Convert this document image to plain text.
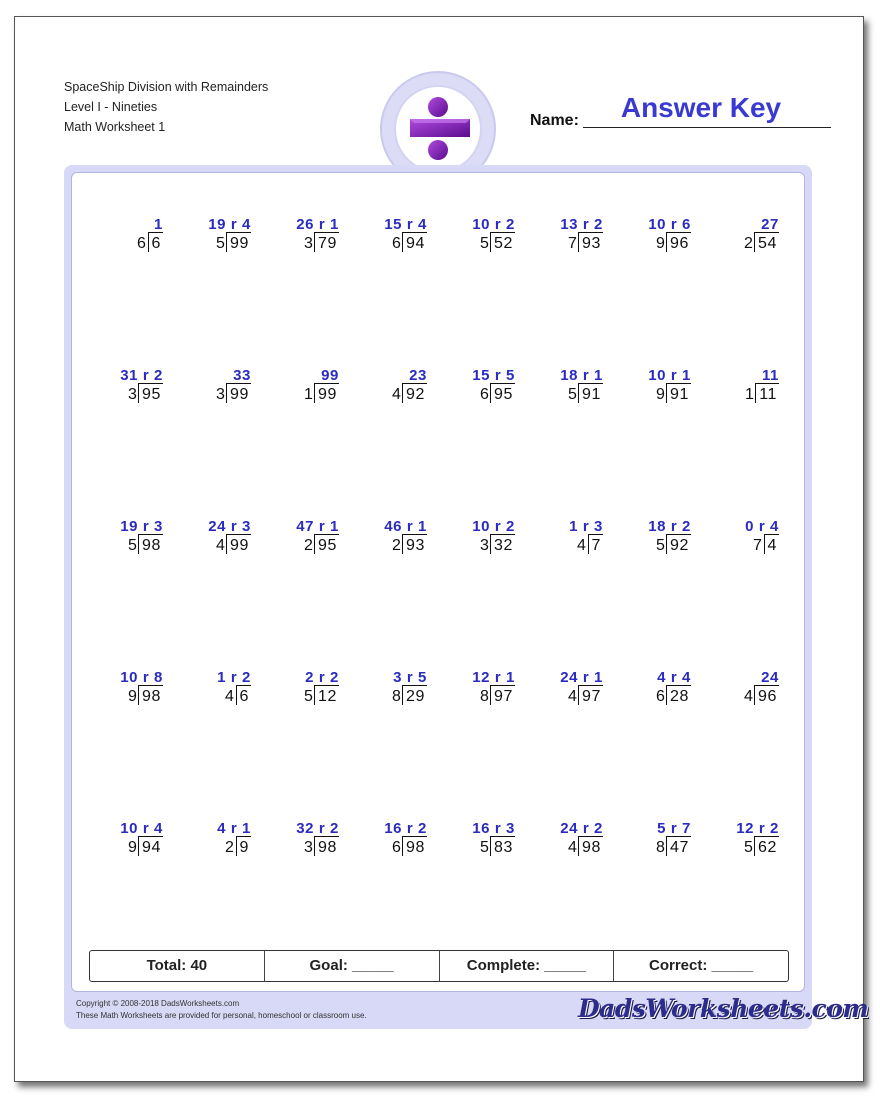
SpaceShip Division with Remainders
Level I - Nineties
Math Worksheet 1
Answer Key
Name:
1
6
6
19 r 4
99
5
26 r 1
79
3
15 r 4
94
6
10 r 2
52
5
13 r 2
93
7
10 r 6
96
9
27
54
2
31 r 2
95
3
33
99
3
99
99
1
23
92
4
15 r 5
95
6
18 r 1
91
5
10 r 1
91
9
11
11
1
19 r 3
98
5
24 r 3
99
4
47 r 1
95
2
46 r 1
93
2
10 r 2
32
3
1 r 3
7
4
18 r 2
92
5
0 r 4
4
7
10 r 8
98
9
1 r 2
6
4
2 r 2
12
5
3 r 5
29
8
12 r 1
97
8
24 r 1
97
4
4 r 4
28
6
24
96
4
10 r 4
94
9
4 r 1
9
2
32 r 2
98
3
16 r 2
98
6
16 r 3
83
5
24 r 2
98
4
5 r 7
47
8
12 r 2
62
5
Total: 40	Goal: _____	Complete: _____	Correct: _____
Copyright © 2008-2018 DadsWorksheets.com
These Math Worksheets are provided for personal, homeschool or classroom use.	DadsWorksheets.com
